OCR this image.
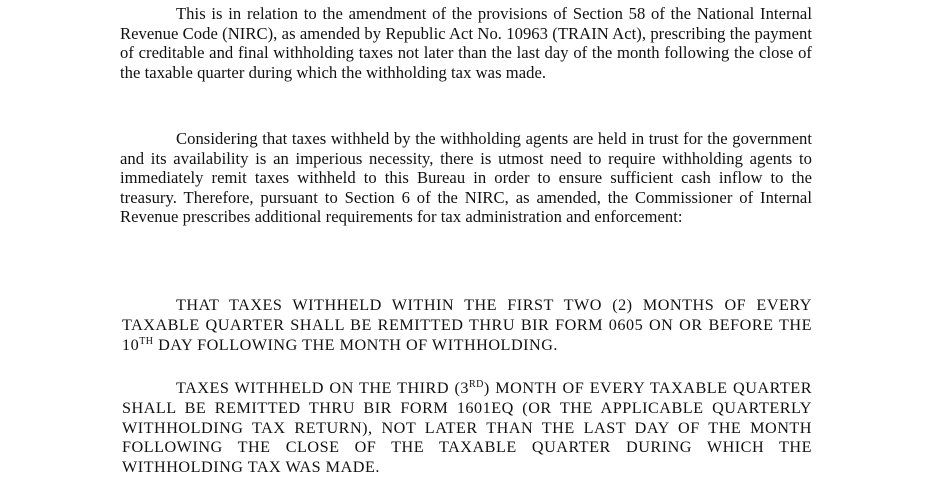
This is in relation to the amendment of the provisions of Section 58 of the National Internal Revenue Code (NIRC), as amended by Republic Act No. 10963 (TRAIN Act), prescribing the payment of creditable and final withholding taxes not later than the last day of the month following the close of the taxable quarter during which the withholding tax was made.

Considering that taxes withheld by the withholding agents are held in trust for the government and its availability is an imperious necessity, there is utmost need to require withholding agents to immediately remit taxes withheld to this Bureau in order to ensure sufficient cash inflow to the treasury. Therefore, pursuant to Section 6 of the NIRC, as amended, the Commissioner of Internal Revenue prescribes additional requirements for tax administration and enforcement:

THAT TAXES WITHHELD WITHIN THE FIRST TWO (2) MONTHS OF EVERY TAXABLE QUARTER SHALL BE REMITTED THRU BIR FORM 0605 ON OR BEFORE THE 10TH DAY FOLLOWING THE MONTH OF WITHHOLDING.

TAXES WITHHELD ON THE THIRD (3RD) MONTH OF EVERY TAXABLE QUARTER SHALL BE REMITTED THRU BIR FORM 1601EQ (OR THE APPLICABLE QUARTERLY WITHHOLDING TAX RETURN), NOT LATER THAN THE LAST DAY OF THE MONTH FOLLOWING THE CLOSE OF THE TAXABLE QUARTER DURING WHICH THE WITHHOLDING TAX WAS MADE.
